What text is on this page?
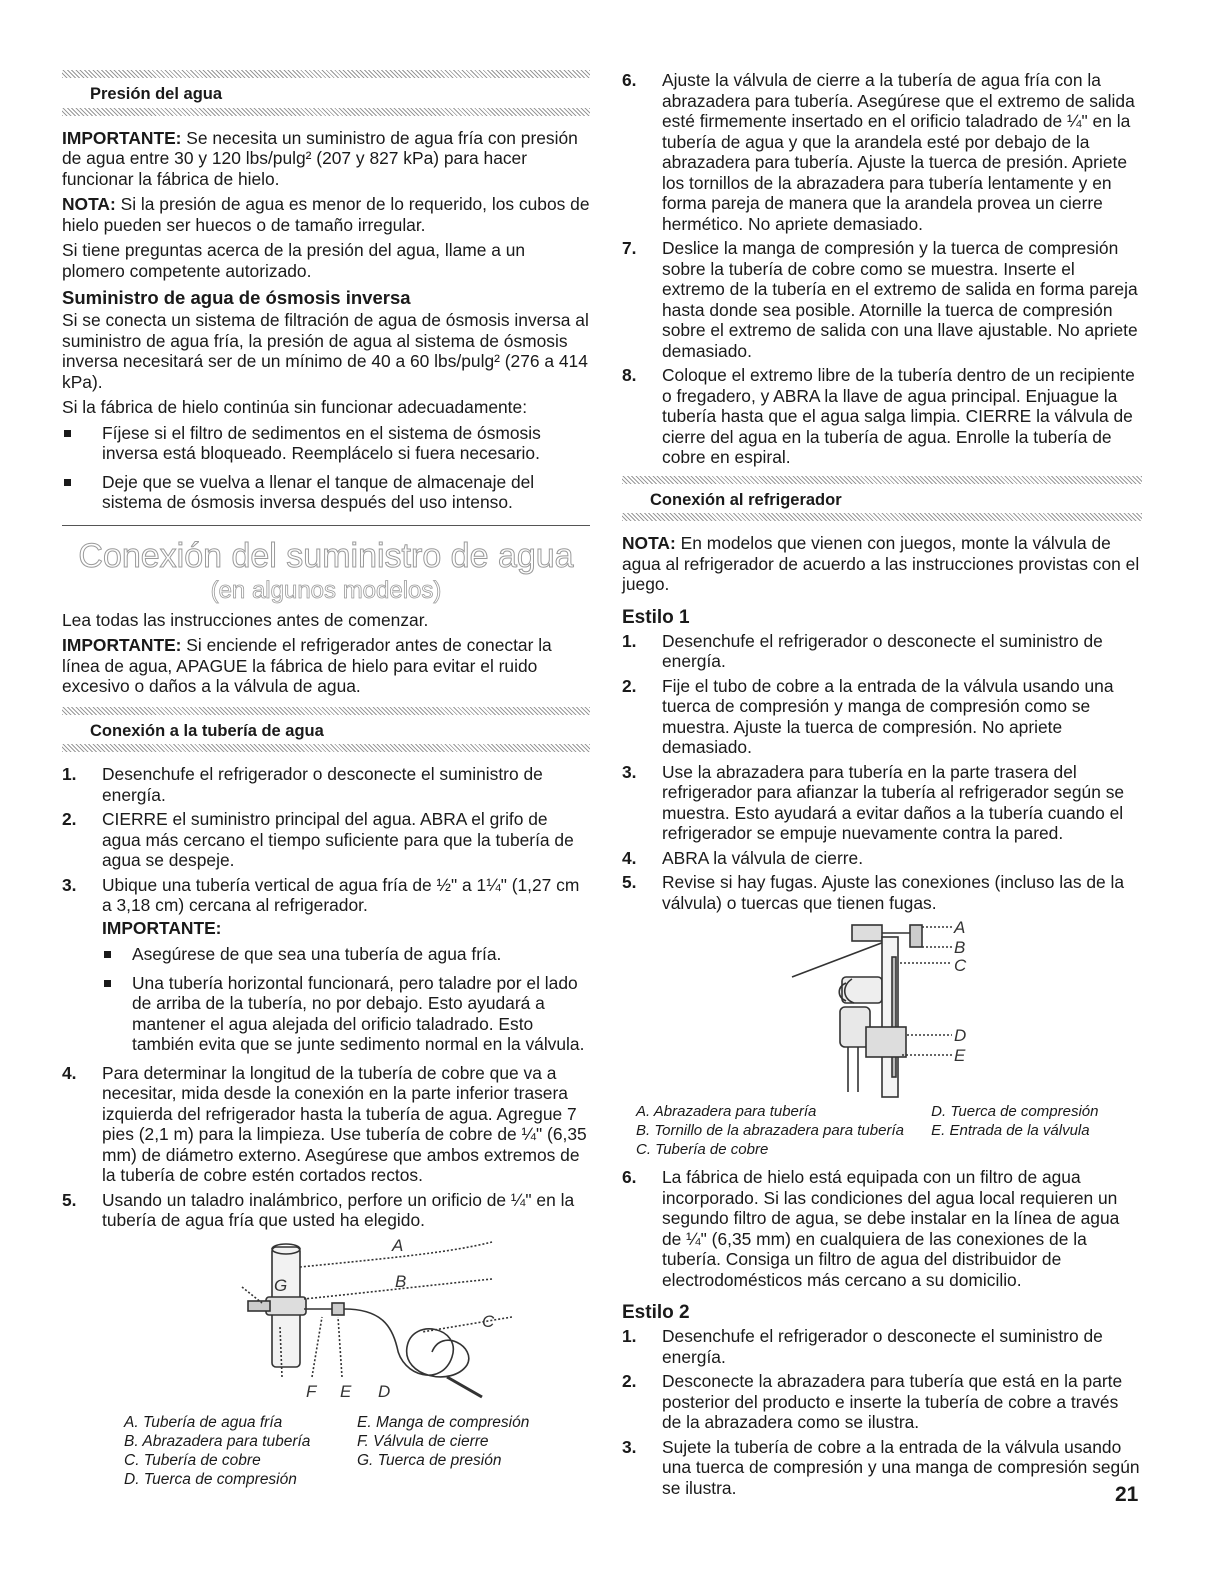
Presión del agua

IMPORTANTE: Se necesita un suministro de agua fría con presión de agua entre 30 y 120 lbs/pulg² (207 y 827 kPa) para hacer funcionar la fábrica de hielo.

NOTA: Si la presión de agua es menor de lo requerido, los cubos de hielo pueden ser huecos o de tamaño irregular.

Si tiene preguntas acerca de la presión del agua, llame a un plomero competente autorizado.

Suministro de agua de ósmosis inversa

Si se conecta un sistema de filtración de agua de ósmosis inversa al suministro de agua fría, la presión de agua al sistema de ósmosis inversa necesitará ser de un mínimo de 40 a 60 lbs/pulg² (276 a 414 kPa).

Si la fábrica de hielo continúa sin funcionar adecuadamente:

Fíjese si el filtro de sedimentos en el sistema de ósmosis inversa está bloqueado. Reemplácelo si fuera necesario.
Deje que se vuelva a llenar el tanque de almacenaje del sistema de ósmosis inversa después del uso intenso.
Conexión del suministro de agua
(en algunos modelos)

Lea todas las instrucciones antes de comenzar.

IMPORTANTE: Si enciende el refrigerador antes de conectar la línea de agua, APAGUE la fábrica de hielo para evitar el ruido excesivo o daños a la válvula de agua.

Conexión a la tubería de agua
1. Desenchufe el refrigerador o desconecte el suministro de energía.
2. CIERRE el suministro principal del agua. ABRA el grifo de agua más cercano el tiempo suficiente para que la tubería de agua se despeje.
3. Ubique una tubería vertical de agua fría de ½" a 1¼" (1,27 cm a 3,18 cm) cercana al refrigerador.
IMPORTANTE:
Asegúrese de que sea una tubería de agua fría.
Una tubería horizontal funcionará, pero taladre por el lado de arriba de la tubería, no por debajo. Esto ayudará a mantener el agua alejada del orificio taladrado. Esto también evita que se junte sedimento normal en la válvula.
4. Para determinar la longitud de la tubería de cobre que va a necesitar, mida desde la conexión en la parte inferior trasera izquierda del refrigerador hasta la tubería de agua. Agregue 7 pies (2,1 m) para la limpieza. Use tubería de cobre de ¼" (6,35 mm) de diámetro externo. Asegúrese que ambos extremos de la tubería de cobre estén cortados rectos.
5. Usando un taladro inalámbrico, perfore un orificio de ¼" en la tubería de agua fría que usted ha elegido.
A
B
C
D
E
F
G
A. Tubería de agua fría
B. Abrazadera para tubería
C. Tubería de cobre
D. Tuerca de compresión
E. Manga de compresión
F. Válvula de cierre
G. Tuerca de presión
6. Ajuste la válvula de cierre a la tubería de agua fría con la abrazadera para tubería. Asegúrese que el extremo de salida esté firmemente insertado en el orificio taladrado de ¼" en la tubería de agua y que la arandela esté por debajo de la abrazadera para tubería. Ajuste la tuerca de presión. Apriete los tornillos de la abrazadera para tubería lentamente y en forma pareja de manera que la arandela provea un cierre hermético. No apriete demasiado.
7. Deslice la manga de compresión y la tuerca de compresión sobre la tubería de cobre como se muestra. Inserte el extremo de la tubería en el extremo de salida en forma pareja hasta donde sea posible. Atornille la tuerca de compresión sobre el extremo de salida con una llave ajustable. No apriete demasiado.
8. Coloque el extremo libre de la tubería dentro de un recipiente o fregadero, y ABRA la llave de agua principal. Enjuague la tubería hasta que el agua salga limpia. CIERRE la válvula de cierre del agua en la tubería de agua. Enrolle la tubería de cobre en espiral.
Conexión al refrigerador

NOTA: En modelos que vienen con juegos, monte la válvula de agua al refrigerador de acuerdo a las instrucciones provistas con el juego.

Estilo 1
1. Desenchufe el refrigerador o desconecte el suministro de energía.
2. Fije el tubo de cobre a la entrada de la válvula usando una tuerca de compresión y manga de compresión como se muestra. Ajuste la tuerca de compresión. No apriete demasiado.
3. Use la abrazadera para tubería en la parte trasera del refrigerador para afianzar la tubería al refrigerador según se muestra. Esto ayudará a evitar daños a la tubería cuando el refrigerador se empuje nuevamente contra la pared.
4. ABRA la válvula de cierre.
5. Revise si hay fugas. Ajuste las conexiones (incluso las de la válvula) o tuercas que tienen fugas.
A
B
C
D
E
A. Abrazadera para tubería
B. Tornillo de la abrazadera para tubería
C. Tubería de cobre
D. Tuerca de compresión
E. Entrada de la válvula
6. La fábrica de hielo está equipada con un filtro de agua incorporado. Si las condiciones del agua local requieren un segundo filtro de agua, se debe instalar en la línea de agua de ¼" (6,35 mm) en cualquiera de las conexiones de la tubería. Consiga un filtro de agua del distribuidor de electrodomésticos más cercano a su domicilio.
Estilo 2
1. Desenchufe el refrigerador o desconecte el suministro de energía.
2. Desconecte la abrazadera para tubería que está en la parte posterior del producto e inserte la tubería de cobre a través de la abrazadera como se ilustra.
3. Sujete la tubería de cobre a la entrada de la válvula usando una tuerca de compresión y una manga de compresión según se ilustra.	21
